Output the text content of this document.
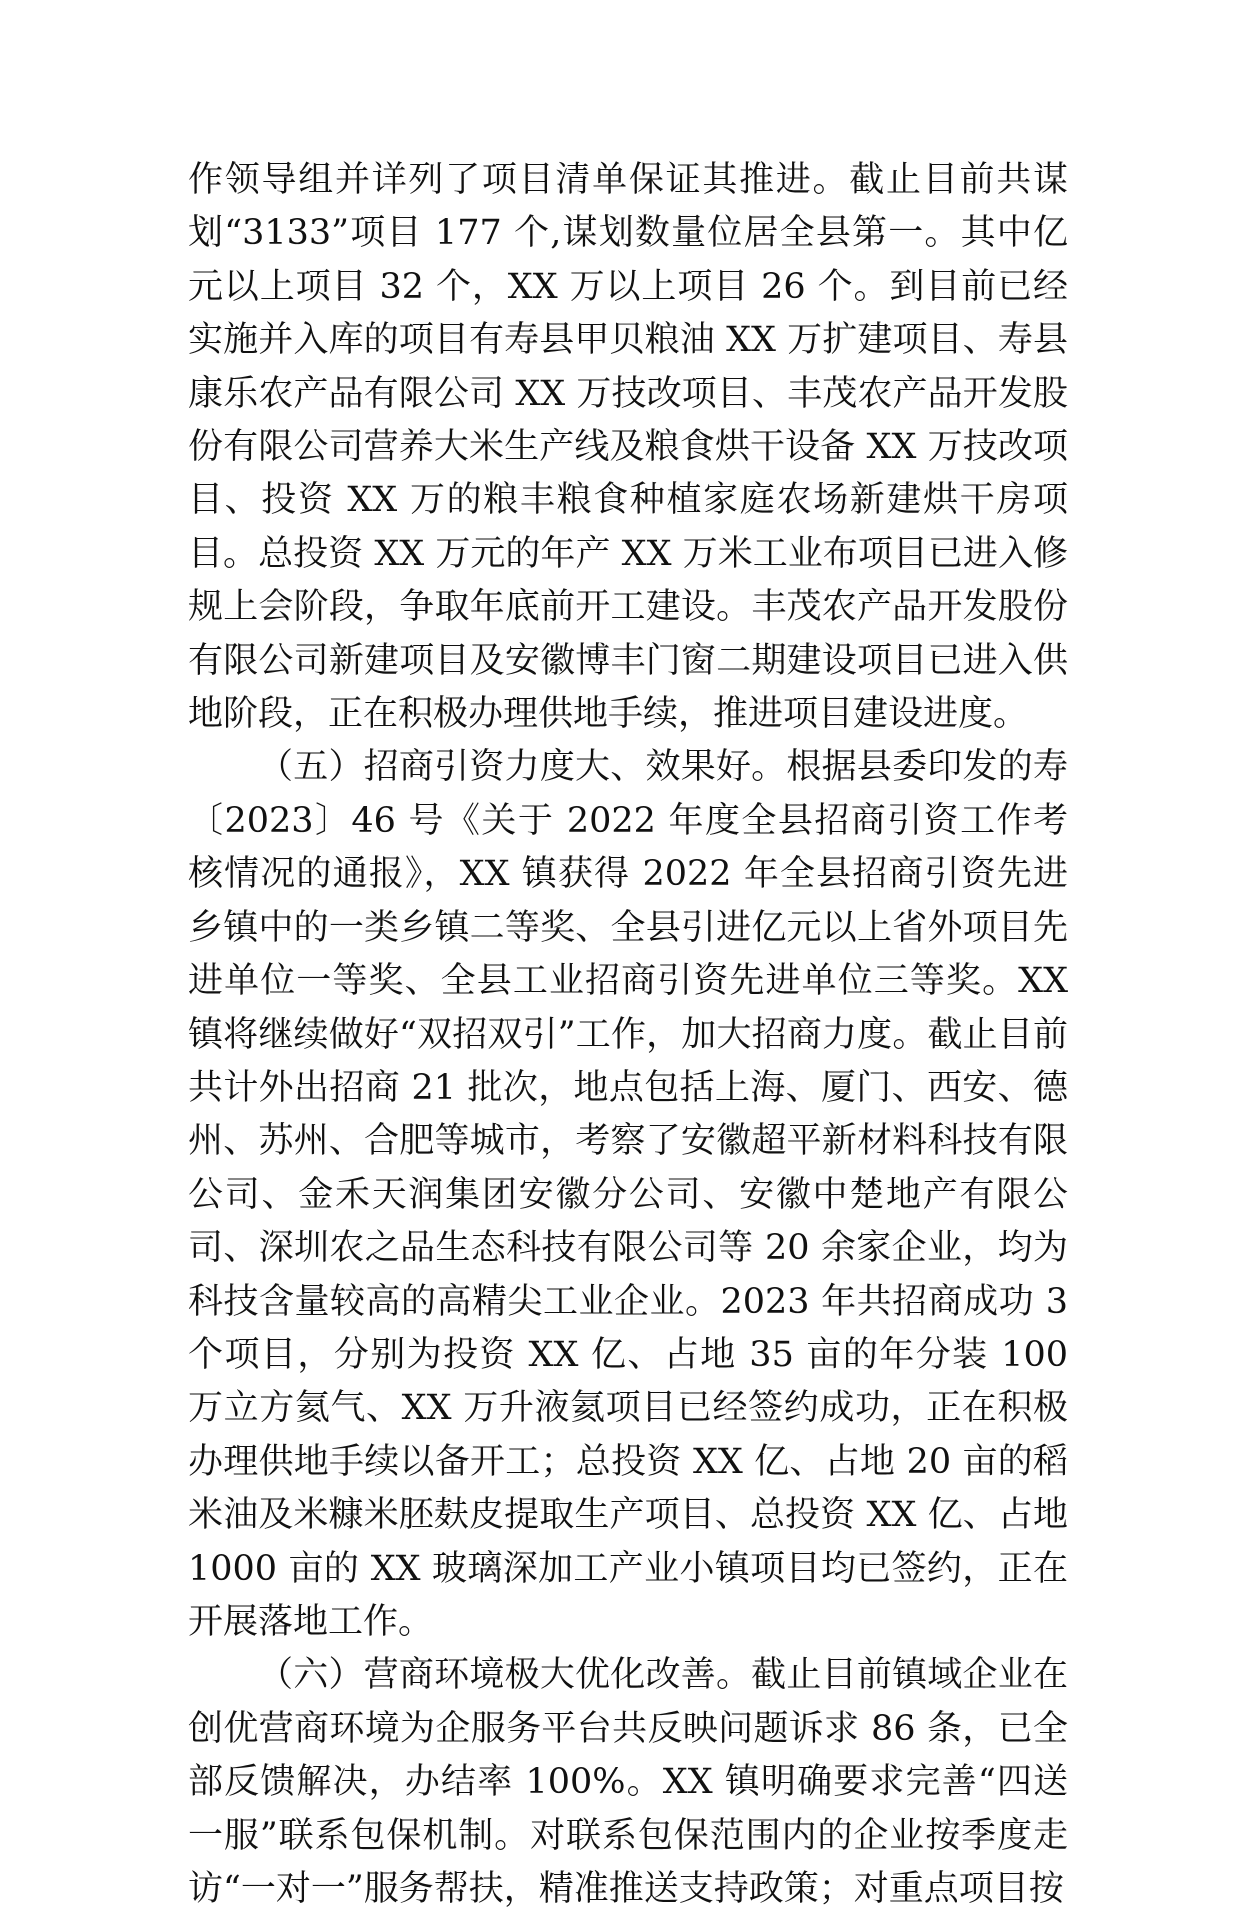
作领导组并详列了项目清单保证其推进。截止目前共谋划“3133”项目 177 个,谋划数量位居全县第一。其中亿元以上项目 32 个，XX 万以上项目 26 个。到目前已经实施并入库的项目有寿县甲贝粮油 XX 万扩建项目、寿县康乐农产品有限公司 XX 万技改项目、丰茂农产品开发股份有限公司营养大米生产线及粮食烘干设备 XX 万技改项目、投资 XX 万的粮丰粮食种植家庭农场新建烘干房项目。总投资 XX 万元的年产 XX 万米工业布项目已进入修规上会阶段，争取年底前开工建设。丰茂农产品开发股份有限公司新建项目及安徽博丰门窗二期建设项目已进入供地阶段，正在积极办理供地手续，推进项目建设进度。

（五）招商引资力度大、效果好。根据县委印发的寿〔2023〕46 号《关于 2022 年度全县招商引资工作考核情况的通报》，XX 镇获得 2022 年全县招商引资先进乡镇中的一类乡镇二等奖、全县引进亿元以上省外项目先进单位一等奖、全县工业招商引资先进单位三等奖。XX 镇将继续做好“双招双引”工作，加大招商力度。截止目前共计外出招商 21 批次，地点包括上海、厦门、西安、德州、苏州、合肥等城市，考察了安徽超平新材料科技有限公司、金禾天润集团安徽分公司、安徽中楚地产有限公司、深圳农之品生态科技有限公司等 20 余家企业，均为科技含量较高的高精尖工业企业。2023 年共招商成功 3 个项目，分别为投资 XX 亿、占地 35 亩的年分装 100 万立方氦气、XX 万升液氦项目已经签约成功，正在积极办理供地手续以备开工；总投资 XX 亿、占地 20 亩的稻米油及米糠米胚麸皮提取生产项目、总投资 XX 亿、占地 1000 亩的 XX 玻璃深加工产业小镇项目均已签约，正在开展落地工作。

（六）营商环境极大优化改善。截止目前镇域企业在创优营商环境为企服务平台共反映问题诉求 86 条，已全部反馈解决，办结率 100%。XX 镇明确要求完善“四送一服”联系包保机制。对联系包保范围内的企业按季度走访“一对一”服务帮扶，精准推送支持政策；对重点项目按
